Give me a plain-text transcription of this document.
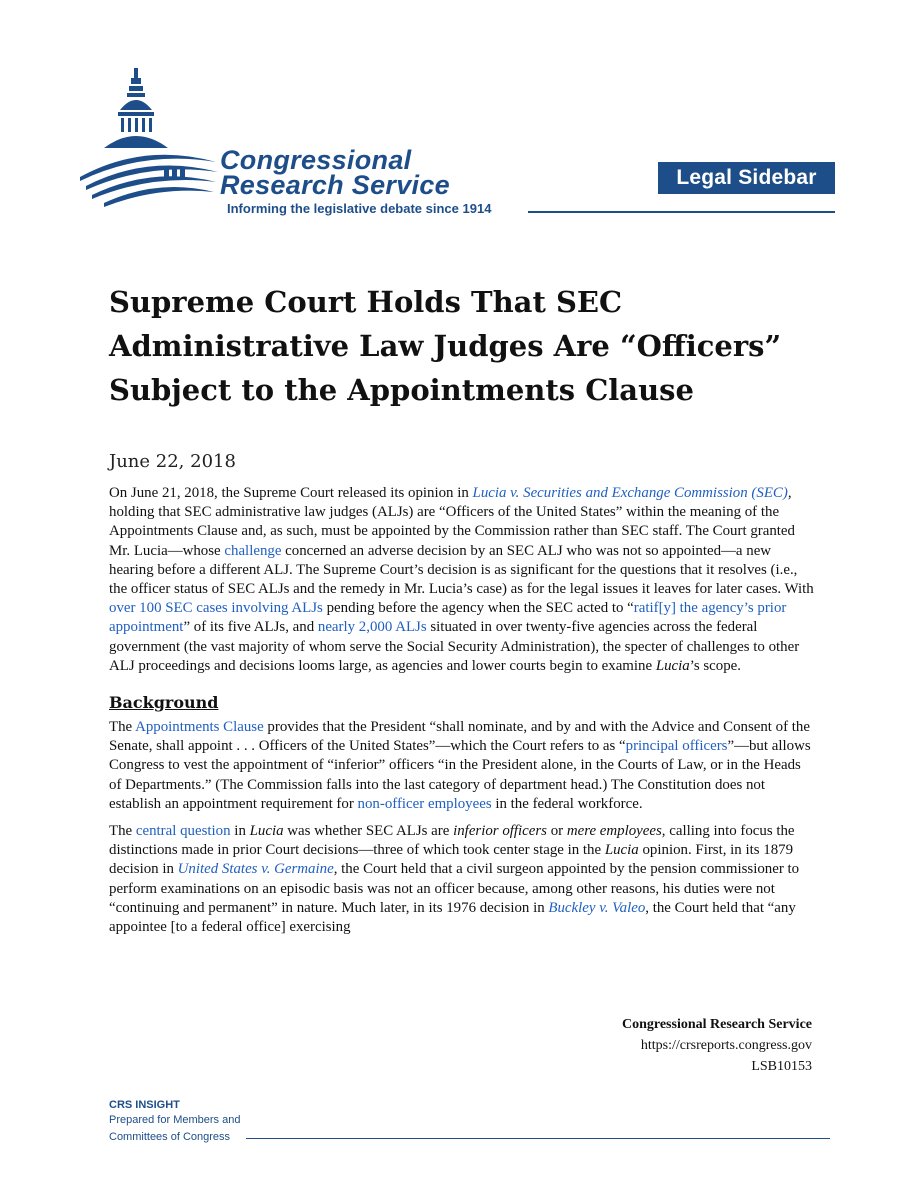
Congressional
Research Service
Informing the legislative debate since 1914
Legal Sidebar
Supreme Court Holds That SEC Administrative Law Judges Are “Officers” Subject to the Appointments Clause
June 22, 2018

On June 21, 2018, the Supreme Court released its opinion in Lucia v. Securities and Exchange Commission (SEC), holding that SEC administrative law judges (ALJs) are “Officers of the United States” within the meaning of the Appointments Clause and, as such, must be appointed by the Commission rather than SEC staff. The Court granted Mr. Lucia—whose challenge concerned an adverse decision by an SEC ALJ who was not so appointed—a new hearing before a different ALJ. The Supreme Court’s decision is as significant for the questions that it resolves (i.e., the officer status of SEC ALJs and the remedy in Mr. Lucia’s case) as for the legal issues it leaves for later cases. With over 100 SEC cases involving ALJs pending before the agency when the SEC acted to “ratif[y] the agency’s prior appointment” of its five ALJs, and nearly 2,000 ALJs situated in over twenty-five agencies across the federal government (the vast majority of whom serve the Social Security Administration), the specter of challenges to other ALJ proceedings and decisions looms large, as agencies and lower courts begin to examine Lucia’s scope.

Background

The Appointments Clause provides that the President “shall nominate, and by and with the Advice and Consent of the Senate, shall appoint . . . Officers of the United States”—which the Court refers to as “principal officers”—but allows Congress to vest the appointment of “inferior” officers “in the President alone, in the Courts of Law, or in the Heads of Departments.” (The Commission falls into the last category of department head.) The Constitution does not establish an appointment requirement for non-officer employees in the federal workforce.

The central question in Lucia was whether SEC ALJs are inferior officers or mere employees, calling into focus the distinctions made in prior Court decisions—three of which took center stage in the Lucia opinion. First, in its 1879 decision in United States v. Germaine, the Court held that a civil surgeon appointed by the pension commissioner to perform examinations on an episodic basis was not an officer because, among other reasons, his duties were not “continuing and permanent” in nature. Much later, in its 1976 decision in Buckley v. Valeo, the Court held that “any appointee [to a federal office] exercising

Congressional Research Service
https://crsreports.congress.gov
LSB10153
CRS INSIGHT
Prepared for Members and
Committees of Congress
